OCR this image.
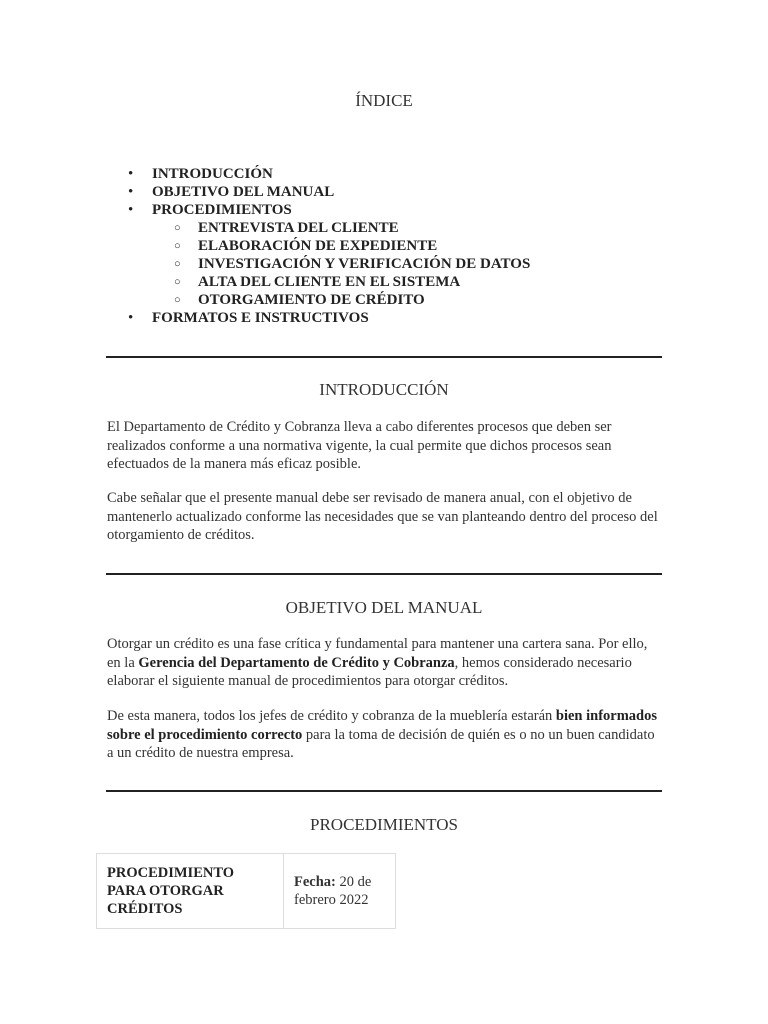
ÍNDICE
• INTRODUCCIÓN
• OBJETIVO DEL MANUAL
• PROCEDIMIENTOS
○ ENTREVISTA DEL CLIENTE
○ ELABORACIÓN DE EXPEDIENTE
○ INVESTIGACIÓN Y VERIFICACIÓN DE DATOS
○ ALTA DEL CLIENTE EN EL SISTEMA
○ OTORGAMIENTO DE CRÉDITO
• FORMATOS E INSTRUCTIVOS
INTRODUCCIÓN

El Departamento de Crédito y Cobranza lleva a cabo diferentes procesos que deben ser realizados conforme a una normativa vigente, la cual permite que dichos procesos sean efectuados de la manera más eficaz posible.

Cabe señalar que el presente manual debe ser revisado de manera anual, con el objetivo de mantenerlo actualizado conforme las necesidades que se van planteando dentro del proceso del otorgamiento de créditos.

OBJETIVO DEL MANUAL

Otorgar un crédito es una fase crítica y fundamental para mantener una cartera sana. Por ello, en la Gerencia del Departamento de Crédito y Cobranza, hemos considerado necesario elaborar el siguiente manual de procedimientos para otorgar créditos.

De esta manera, todos los jefes de crédito y cobranza de la mueblería estarán bien informados sobre el procedimiento correcto para la toma de decisión de quién es o no un buen candidato a un crédito de nuestra empresa.

PROCEDIMIENTOS
PROCEDIMIENTO PARA OTORGAR CRÉDITOS	Fecha: 20 de febrero 2022
